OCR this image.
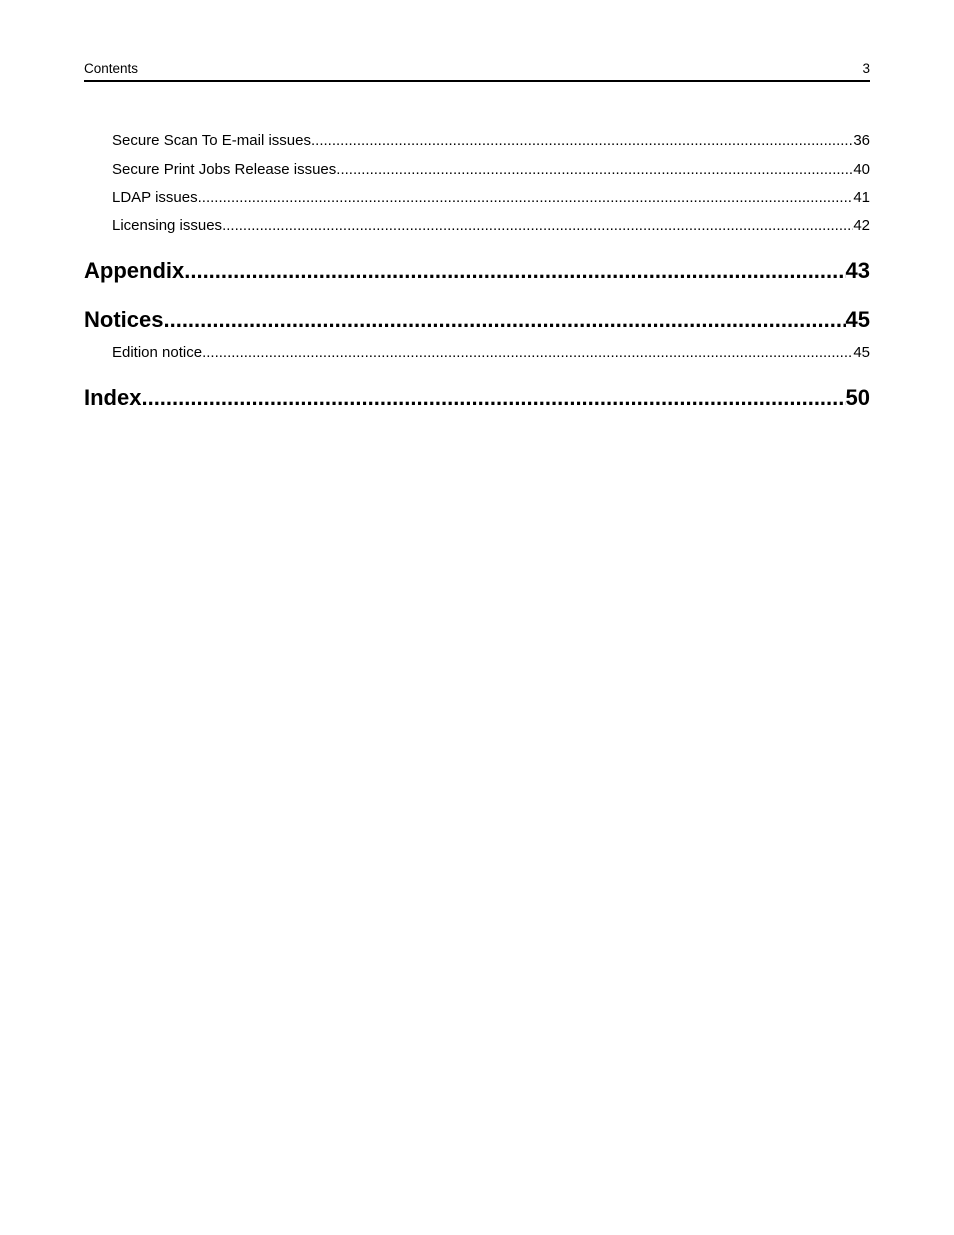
Contents	3
Secure Scan To E-mail issues .....	36
Secure Print Jobs Release issues .....	40
LDAP issues .....	41
Licensing issues .....	42
Appendix .....	43
Notices .....	45
Edition notice .....	45
Index .....	50
